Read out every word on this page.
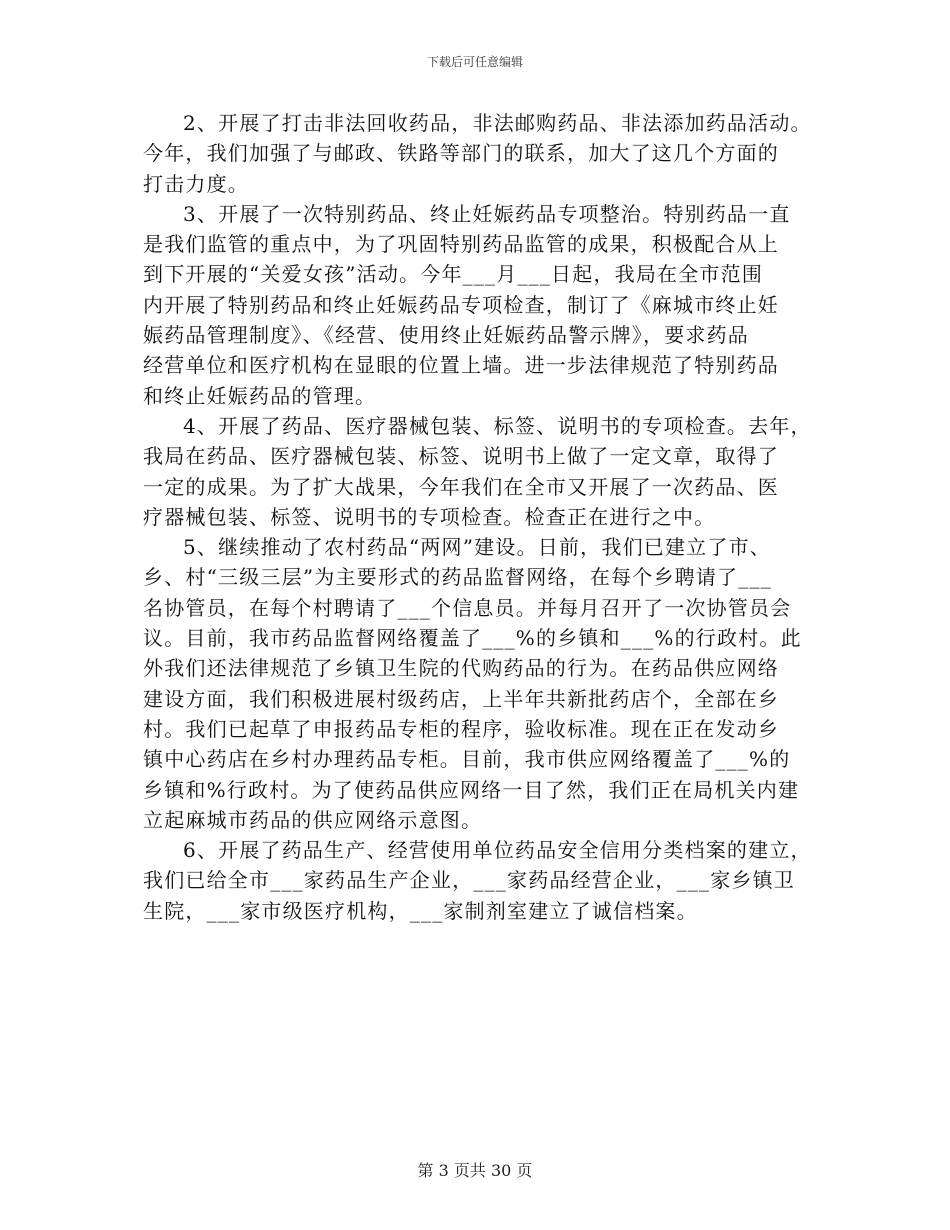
下载后可任意编辑
2、开展了打击非法回收药品，非法邮购药品、非法添加药品活动。
今年，我们加强了与邮政、铁路等部门的联系，加大了这几个方面的
打击力度。
3、开展了一次特别药品、终止妊娠药品专项整治。特别药品一直
是我们监管的重点中，为了巩固特别药品监管的成果，积极配合从上
到下开展的“关爱女孩”活动。今年___月___日起，我局在全市范围
内开展了特别药品和终止妊娠药品专项检查，制订了《麻城市终止妊
娠药品管理制度》、《经营、使用终止妊娠药品警示牌》，要求药品
经营单位和医疗机构在显眼的位置上墙。进一步法律规范了特别药品
和终止妊娠药品的管理。
4、开展了药品、医疗器械包装、标签、说明书的专项检查。去年，
我局在药品、医疗器械包装、标签、说明书上做了一定文章，取得了
一定的成果。为了扩大战果，今年我们在全市又开展了一次药品、医
疗器械包装、标签、说明书的专项检查。检查正在进行之中。
5、继续推动了农村药品“两网”建设。日前，我们已建立了市、
乡、村“三级三层”为主要形式的药品监督网络，在每个乡聘请了___
名协管员，在每个村聘请了___个信息员。并每月召开了一次协管员会
议。目前，我市药品监督网络覆盖了___%的乡镇和___%的行政村。此
外我们还法律规范了乡镇卫生院的代购药品的行为。在药品供应网络
建设方面，我们积极进展村级药店，上半年共新批药店个，全部在乡
村。我们已起草了申报药品专柜的程序，验收标准。现在正在发动乡
镇中心药店在乡村办理药品专柜。目前，我市供应网络覆盖了___%的
乡镇和%行政村。为了使药品供应网络一目了然，我们正在局机关内建
立起麻城市药品的供应网络示意图。
6、开展了药品生产、经营使用单位药品安全信用分类档案的建立，
我们已给全市___家药品生产企业，___家药品经营企业，___家乡镇卫
生院，___家市级医疗机构，___家制剂室建立了诚信档案。
第 3 页共 30 页
